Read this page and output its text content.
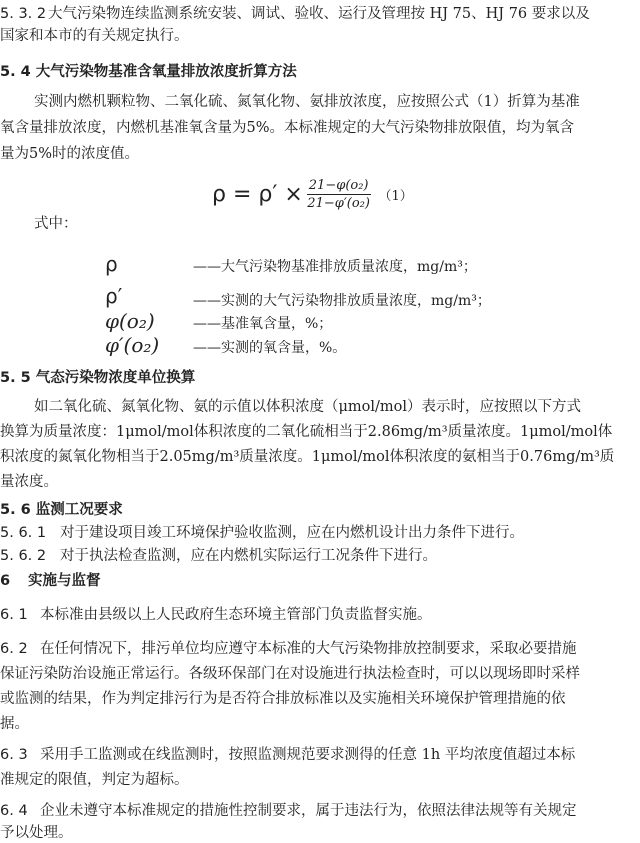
5. 3. 2 大气污染物连续监测系统安装、调试、验收、运行及管理按 HJ 75、HJ 76 要求以及
国家和本市的有关规定执行。
5. 4 大气污染物基准含氧量排放浓度折算方法
实测内燃机颗粒物、二氧化硫、氮氧化物、氨排放浓度，应按照公式（1）折算为基准
氧含量排放浓度，内燃机基准氧含量为5%。本标准规定的大气污染物排放限值，均为氧含
量为5%时的浓度值。
$\rho = \rho' \times \frac{\text{21−φ(o₂)}}{\text{21−φ′(o₂)}} (1)$
式中：
ρ	——大气污染物基准排放质量浓度，mg/m³；
ρ′	——实测的大气污染物排放质量浓度，mg/m³；
φ(o₂)	——基准氧含量，%；
φ′(o₂) ——实测的氧含量，%。
5. 5 气态污染物浓度单位换算
如二氧化硫、氮氧化物、氨的示值以体积浓度（μmol/mol）表示时，应按照以下方式
换算为质量浓度：1μmol/mol体积浓度的二氧化硫相当于2.86mg/m³质量浓度。1μmol/mol体
积浓度的氮氧化物相当于2.05mg/m³质量浓度。1μmol/mol体积浓度的氨相当于0.76mg/m³质
量浓度。
5. 6 监测工况要求
5. 6. 1 对于建设项目竣工环境保护验收监测，应在内燃机设计出力条件下进行。
5. 6. 2 对于执法检查监测，应在内燃机实际运行工况条件下进行。
6 实施与监督
6. 1 本标准由县级以上人民政府生态环境主管部门负责监督实施。
6. 2 在任何情况下，排污单位均应遵守本标准的大气污染物排放控制要求，采取必要措施
保证污染防治设施正常运行。各级环保部门在对设施进行执法检查时，可以以现场即时采样
或监测的结果，作为判定排污行为是否符合排放标准以及实施相关环境保护管理措施的依
据。
6. 3 采用手工监测或在线监测时，按照监测规范要求测得的任意 1h 平均浓度值超过本标
准规定的限值，判定为超标。
6. 4 企业未遵守本标准规定的措施性控制要求，属于违法行为，依照法律法规等有关规定
予以处理。
